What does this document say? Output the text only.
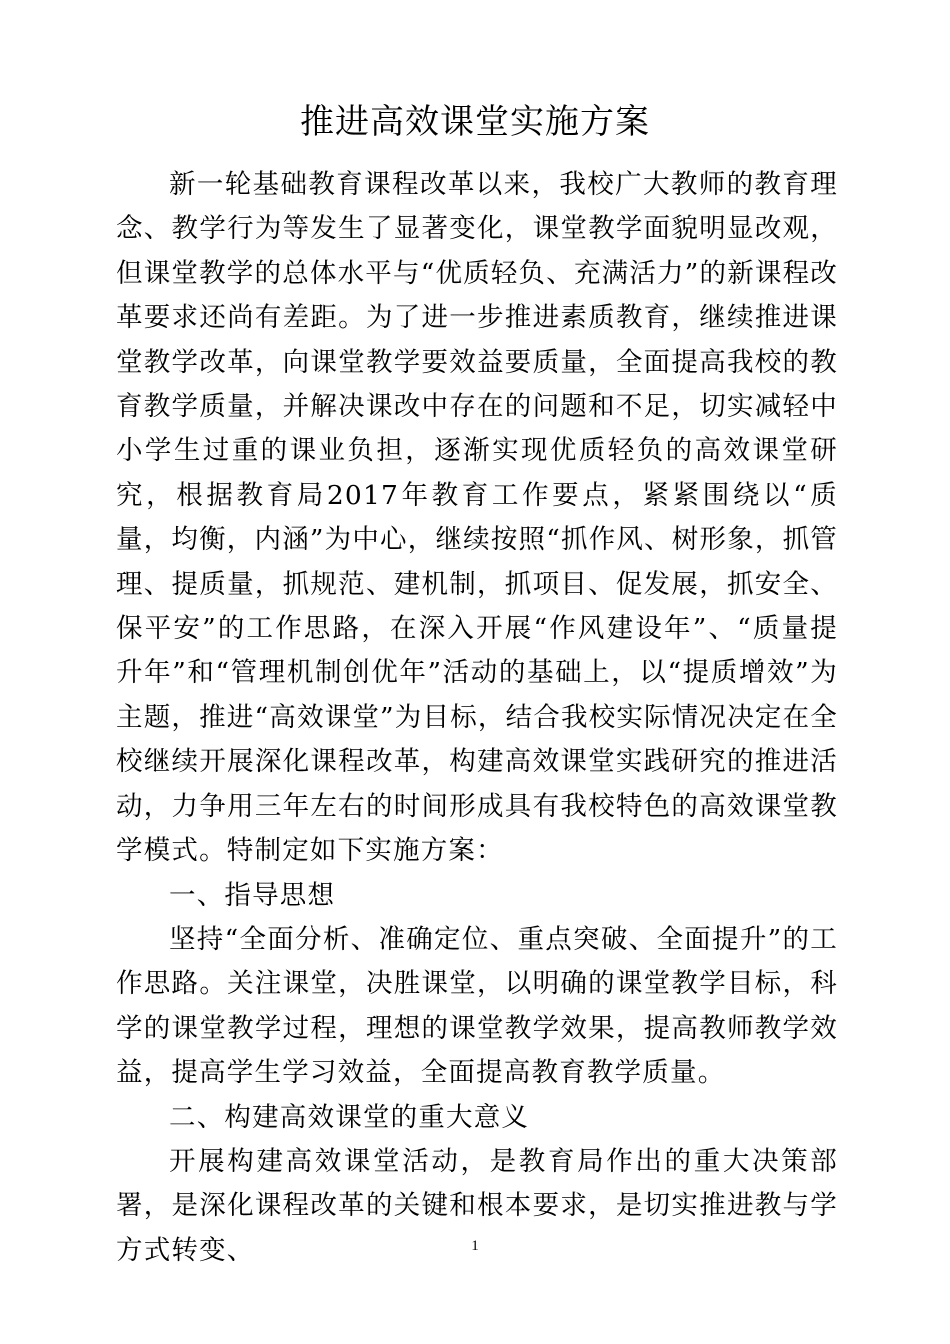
推进高效课堂实施方案

新一轮基础教育课程改革以来，我校广大教师的教育理念、教学行为等发生了显著变化，课堂教学面貌明显改观，但课堂教学的总体水平与“优质轻负、充满活力”的新课程改革要求还尚有差距。为了进一步推进素质教育，继续推进课堂教学改革，向课堂教学要效益要质量，全面提高我校的教育教学质量，并解决课改中存在的问题和不足，切实减轻中小学生过重的课业负担，逐渐实现优质轻负的高效课堂研究，根据教育局2017年教育工作要点，紧紧围绕以“质量，均衡，内涵”为中心，继续按照“抓作风、树形象，抓管理、提质量，抓规范、建机制，抓项目、促发展，抓安全、保平安”的工作思路，在深入开展“作风建设年”、“质量提升年”和“管理机制创优年”活动的基础上，以“提质增效”为主题，推进“高效课堂”为目标，结合我校实际情况决定在全校继续开展深化课程改革，构建高效课堂实践研究的推进活动，力争用三年左右的时间形成具有我校特色的高效课堂教学模式。特制定如下实施方案：

一、指导思想

坚持“全面分析、准确定位、重点突破、全面提升”的工作思路。关注课堂，决胜课堂，以明确的课堂教学目标，科学的课堂教学过程，理想的课堂教学效果，提高教师教学效益，提高学生学习效益，全面提高教育教学质量。

二、构建高效课堂的重大意义

开展构建高效课堂活动，是教育局作出的重大决策部署，是深化课程改革的关键和根本要求，是切实推进教与学方式转变、	1
